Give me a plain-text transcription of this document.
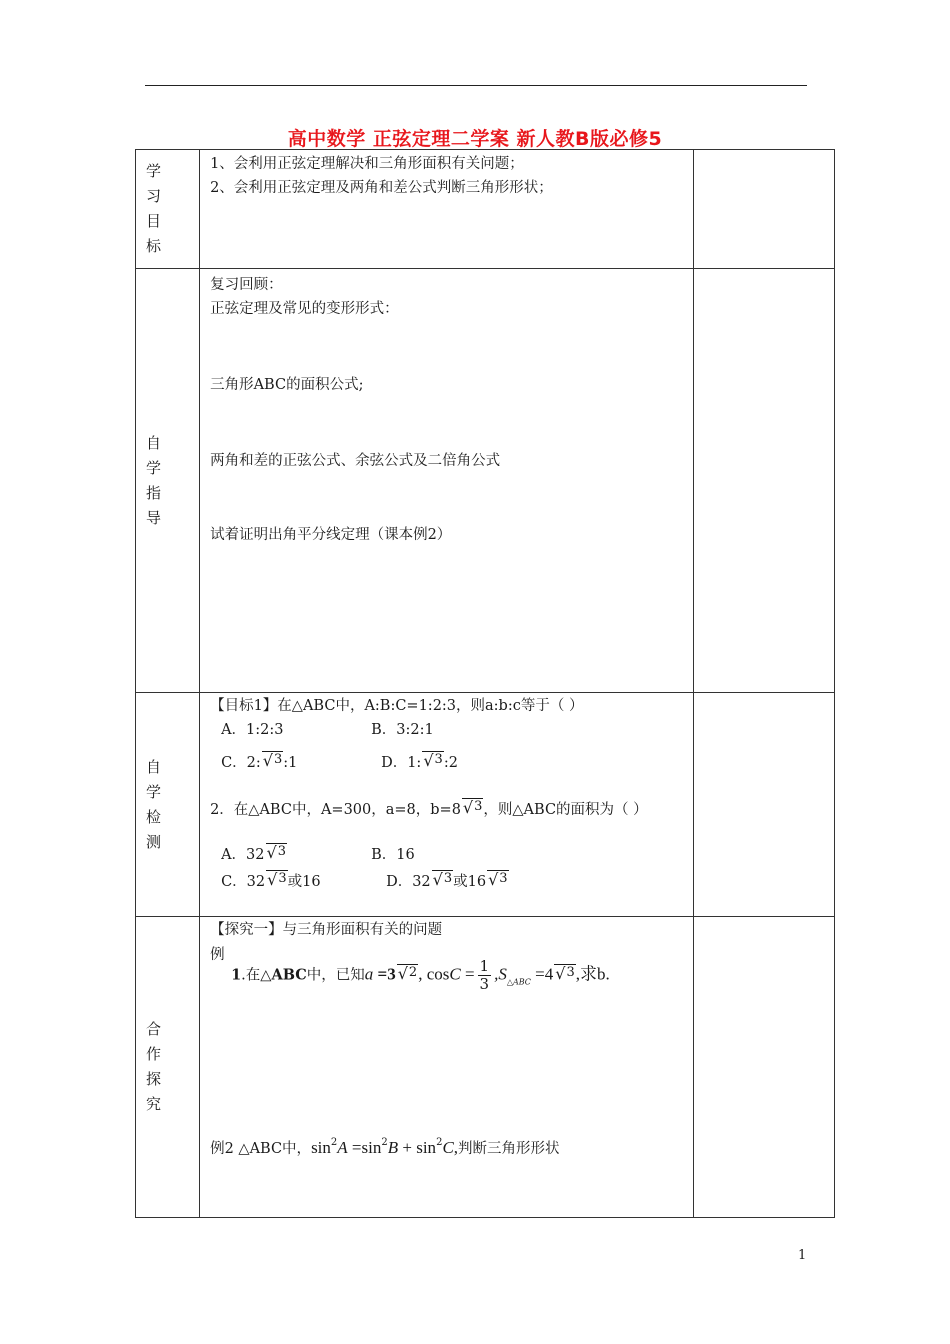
高中数学 正弦定理二学案 新人教B版必修5
学
习
目
标

1、会利用正弦定理解决和三角形面积有关问题；

2、会利用正弦定理及两角和差公式判断三角形形状；

自
学
指
导

复习回顾：

正弦定理及常见的变形形式：

三角形ABC的面积公式;

两角和差的正弦公式、余弦公式及二倍角公式

试着证明出角平分线定理（课本例2）

自
学
检
测

【目标1】在△ABC中，A:B:C=1:2:3，则a:b:c等于（ ）

A．1:2:3	B．3:2:1

C．2:√ 3:1	D．1:√ 3:2

2．在△ABC中，A=300，a=8，b=8√ 3，则△ABC的面积为（ ）

A．32√ 3	B．16

C．32√ 3或16	D．32√ 3或16√ 3

合
作
探
究

【探究一】与三角形面积有关的问题

例

1.在△ABC中，已知a =3√ 2, $\cos C = \frac{1}{3} ,S_{\triangle ABC} =4√$ 3,求b.

例2 △ABC中，$\sin^2A =\sin^2B + \sin^2C$,判断三角形形状

1
